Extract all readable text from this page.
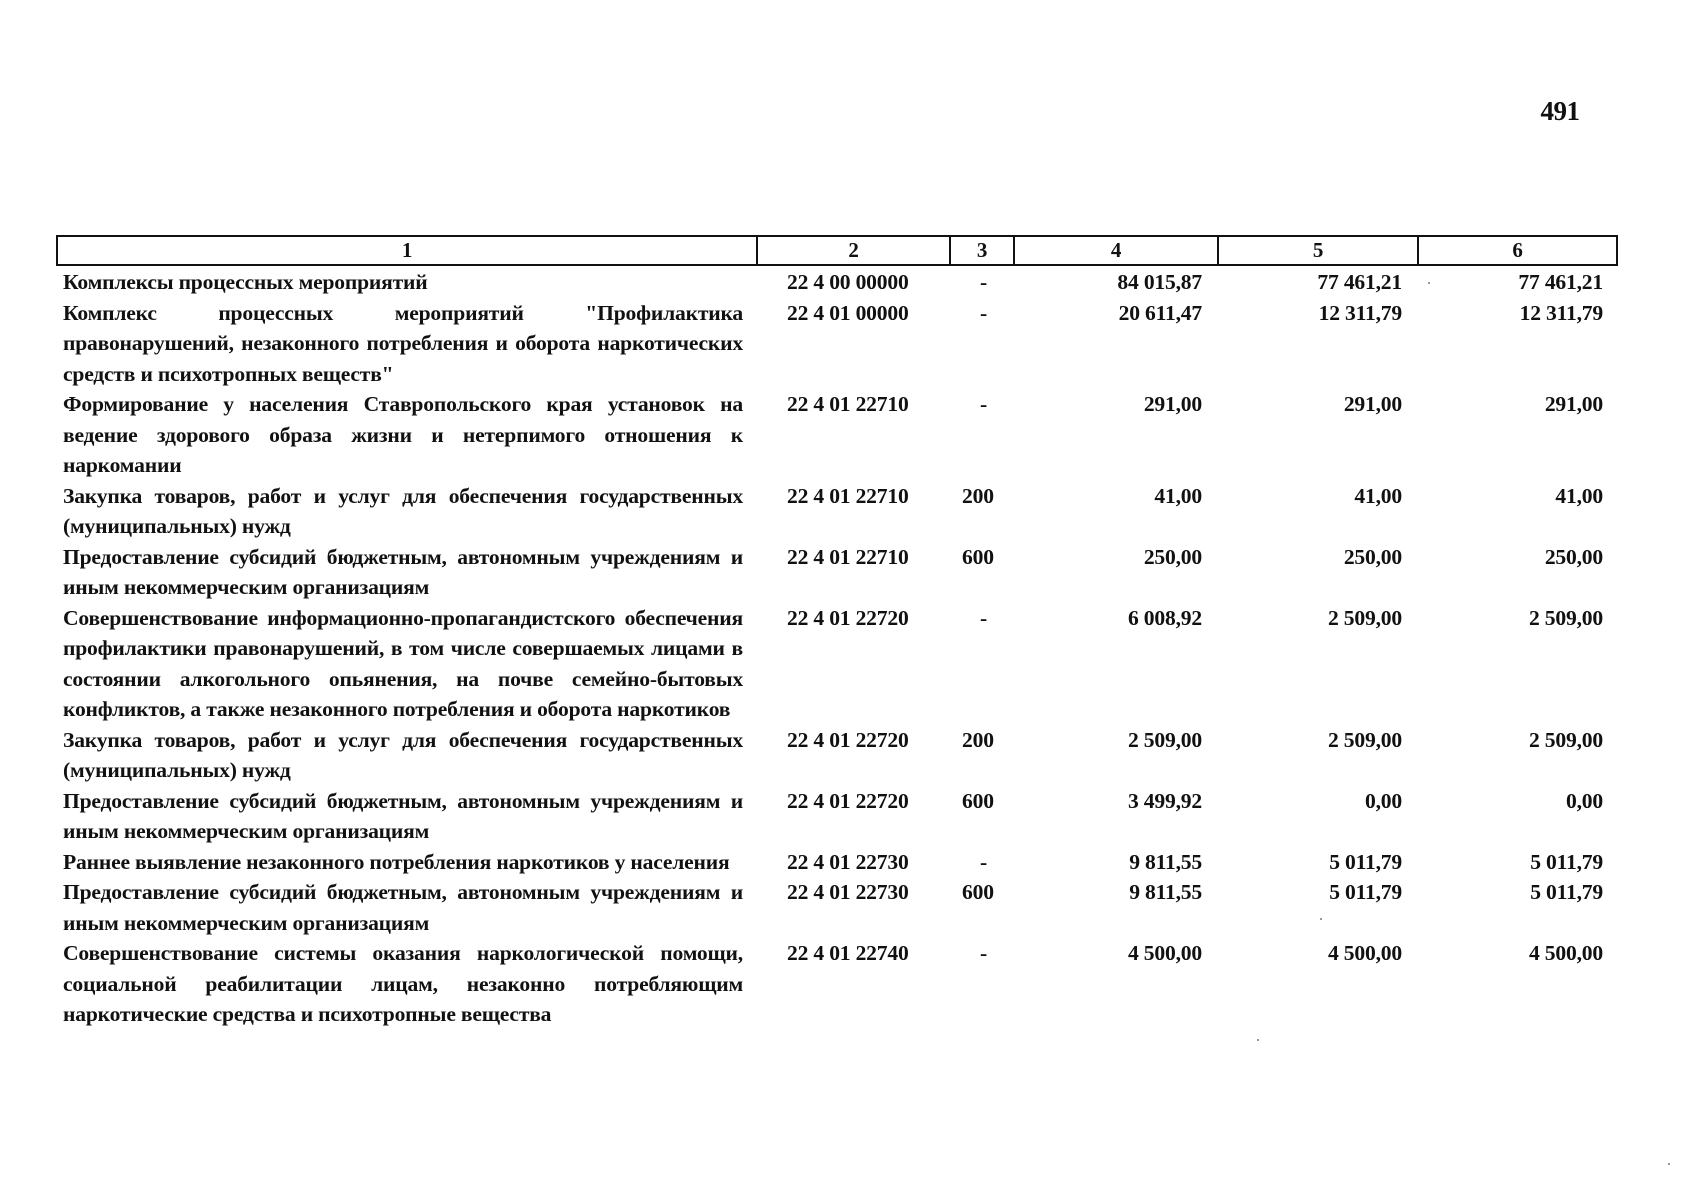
491
1	2	3	4	5	6
Комплексы процессных мероприятий	22 4 00 00000	-	84 015,87	77 461,21	77 461,21
Комплекс процессных мероприятий "Профилактика правонарушений, незаконного потребления и оборота наркотических средств и психотропных веществ"	22 4 01 00000	-	20 611,47	12 311,79	12 311,79
Формирование у населения Ставропольского края установок на ведение здорового образа жизни и нетерпимого отношения к наркомании	22 4 01 22710	-	291,00	291,00	291,00
Закупка товаров, работ и услуг для обеспечения государственных (муниципальных) нужд	22 4 01 22710	200	41,00	41,00	41,00
Предоставление субсидий бюджетным, автономным учреждениям и иным некоммерческим организациям	22 4 01 22710	600	250,00	250,00	250,00
Совершенствование информационно-пропагандистского обеспечения профилактики правонарушений, в том числе совершаемых лицами в состоянии алкогольного опьянения, на почве семейно-бытовых конфликтов, а также незаконного потребления и оборота наркотиков	22 4 01 22720	-	6 008,92	2 509,00	2 509,00
Закупка товаров, работ и услуг для обеспечения государственных (муниципальных) нужд	22 4 01 22720	200	2 509,00	2 509,00	2 509,00
Предоставление субсидий бюджетным, автономным учреждениям и иным некоммерческим организациям	22 4 01 22720	600	3 499,92	0,00	0,00
Раннее выявление незаконного потребления наркотиков у населения	22 4 01 22730	-	9 811,55	5 011,79	5 011,79
Предоставление субсидий бюджетным, автономным учреждениям и иным некоммерческим организациям	22 4 01 22730	600	9 811,55	5 011,79	5 011,79
Совершенствование системы оказания наркологической помощи, социальной реабилитации лицам, незаконно потребляющим наркотические средства и психотропные вещества	22 4 01 22740	-	4 500,00	4 500,00	4 500,00
